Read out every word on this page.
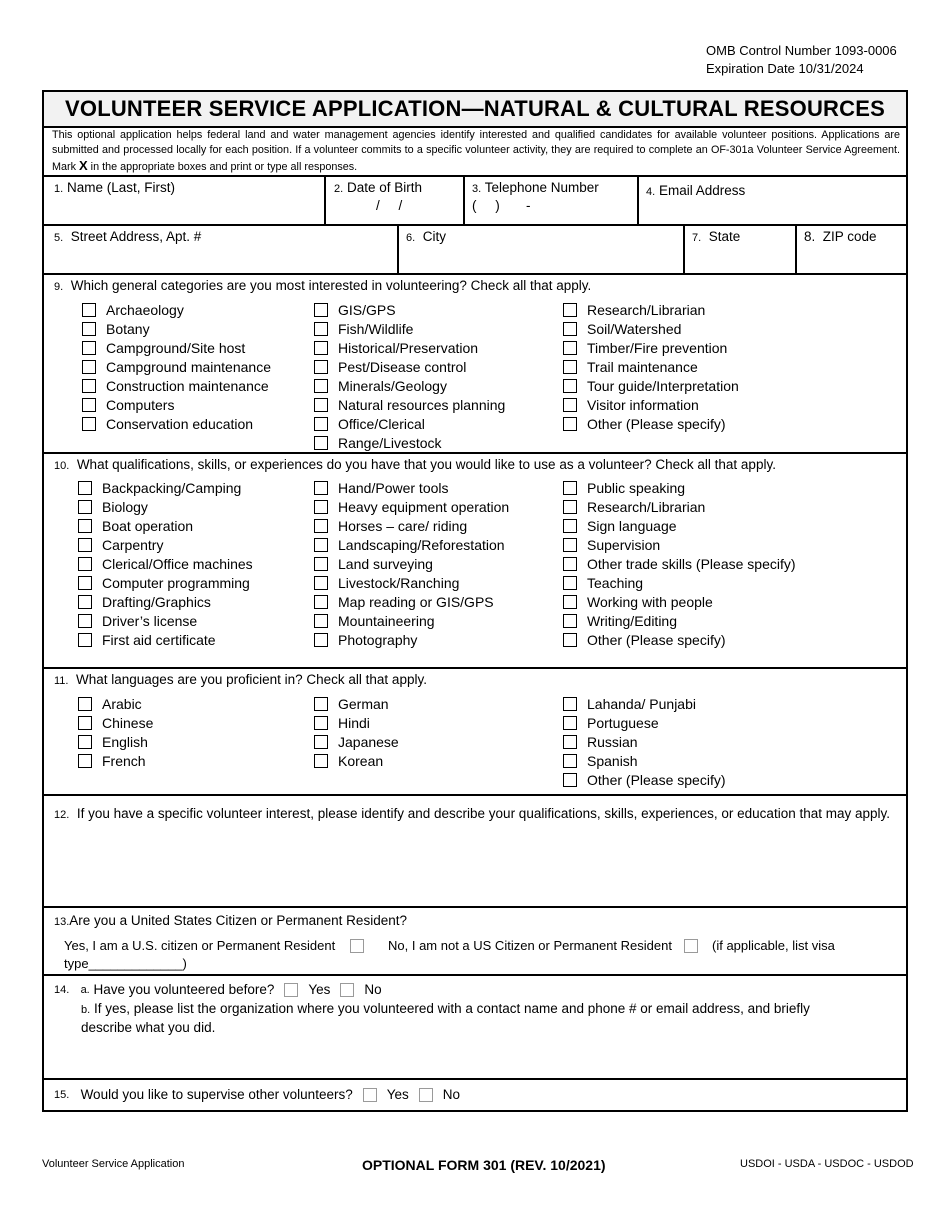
OMB Control Number 1093-0006
Expiration Date 10/31/2024
VOLUNTEER SERVICE APPLICATION—NATURAL & CULTURAL RESOURCES
This optional application helps federal land and water management agencies identify interested and qualified candidates for available volunteer positions. Applications are submitted and processed locally for each position. If a volunteer commits to a specific volunteer activity, they are required to complete an OF-301a Volunteer Service Agreement. Mark X in the appropriate boxes and print or type all responses.
1. Name (Last, First)	2. Date of Birth
/     /
3. Telephone Number
(     )       -
4. Email Address
5. Street Address, Apt. #	6. City	7. State	8. ZIP code
9. Which general categories are you most interested in volunteering? Check all that apply.
Archaeology
Botany
Campground/Site host
Campground maintenance
Construction maintenance
Computers
Conservation education
GIS/GPS
Fish/Wildlife
Historical/Preservation
Pest/Disease control
Minerals/Geology
Natural resources planning
Office/Clerical
Range/Livestock
Research/Librarian
Soil/Watershed
Timber/Fire prevention
Trail maintenance
Tour guide/Interpretation
Visitor information
Other (Please specify)
10. What qualifications, skills, or experiences do you have that you would like to use as a volunteer? Check all that apply.
Backpacking/Camping
Biology
Boat operation
Carpentry
Clerical/Office machines
Computer programming
Drafting/Graphics
Driver’s license
First aid certificate
Hand/Power tools
Heavy equipment operation
Horses – care/ riding
Landscaping/Reforestation
Land surveying
Livestock/Ranching
Map reading or GIS/GPS
Mountaineering
Photography
Public speaking
Research/Librarian
Sign language
Supervision
Other trade skills (Please specify)
Teaching
Working with people
Writing/Editing
Other (Please specify)
11. What languages are you proficient in? Check all that apply.
Arabic
Chinese
English
French
German
Hindi
Japanese
Korean
Lahanda/ Punjabi
Portuguese
Russian
Spanish
Other (Please specify)
12. If you have a specific volunteer interest, please identify and describe your qualifications, skills, experiences, or education that may apply.
13.Are you a United States Citizen or Permanent Resident?
Yes, I am a U.S. citizen or Permanent Resident	No, I am not a US Citizen or Permanent Resident	(if applicable, list visa
type_____________)
14.
a.
Have you volunteered before?	Yes	No
b. If yes, please list the organization where you volunteered with a contact name and phone # or email address, and briefly
describe what you did.
15.
Would you like to supervise other volunteers?	Yes	No
Volunteer Service Application	OPTIONAL FORM 301 (REV. 10/2021)	USDOI - USDA - USDOC - USDOD
